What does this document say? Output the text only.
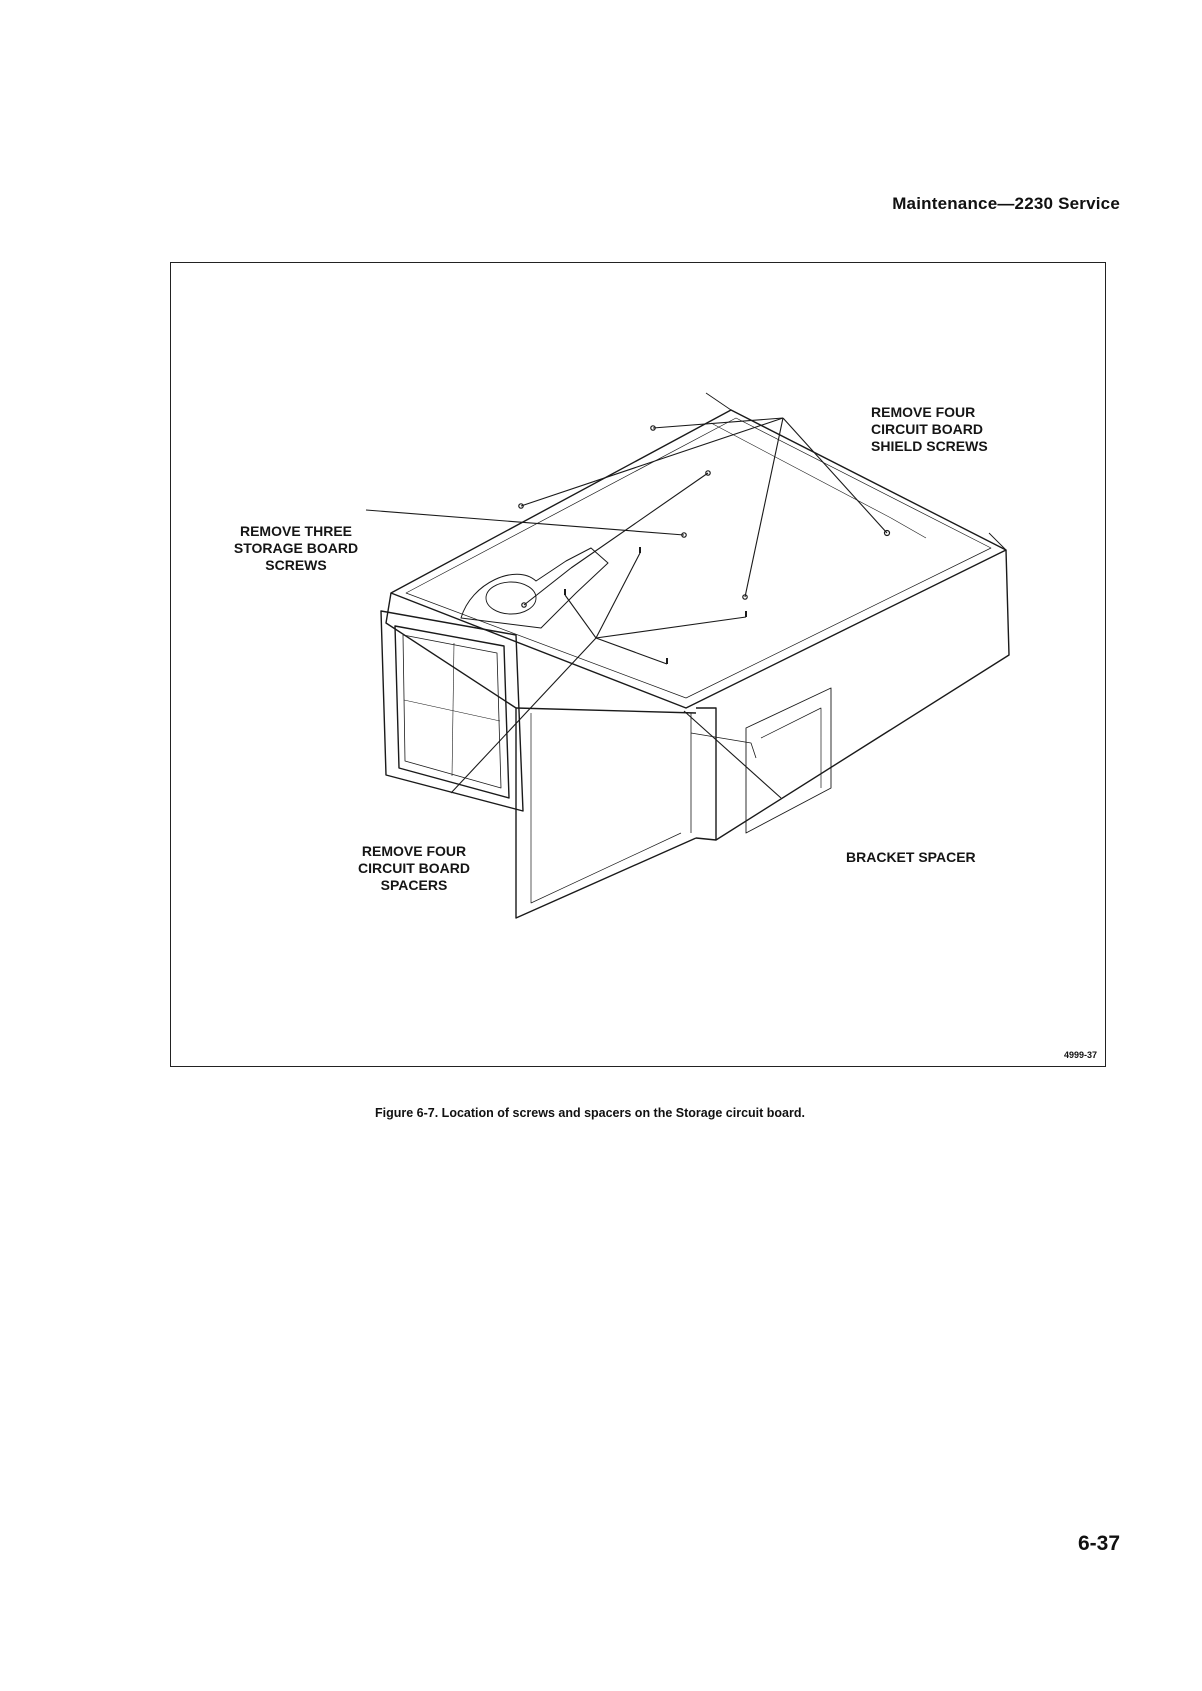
Maintenance—2230 Service
REMOVE FOUR
CIRCUIT BOARD
SHIELD SCREWS
REMOVE THREE
STORAGE BOARD
SCREWS
REMOVE FOUR
CIRCUIT BOARD
SPACERS
BRACKET SPACER
4999-37
Figure 6-7. Location of screws and spacers on the Storage circuit board.
6-37
